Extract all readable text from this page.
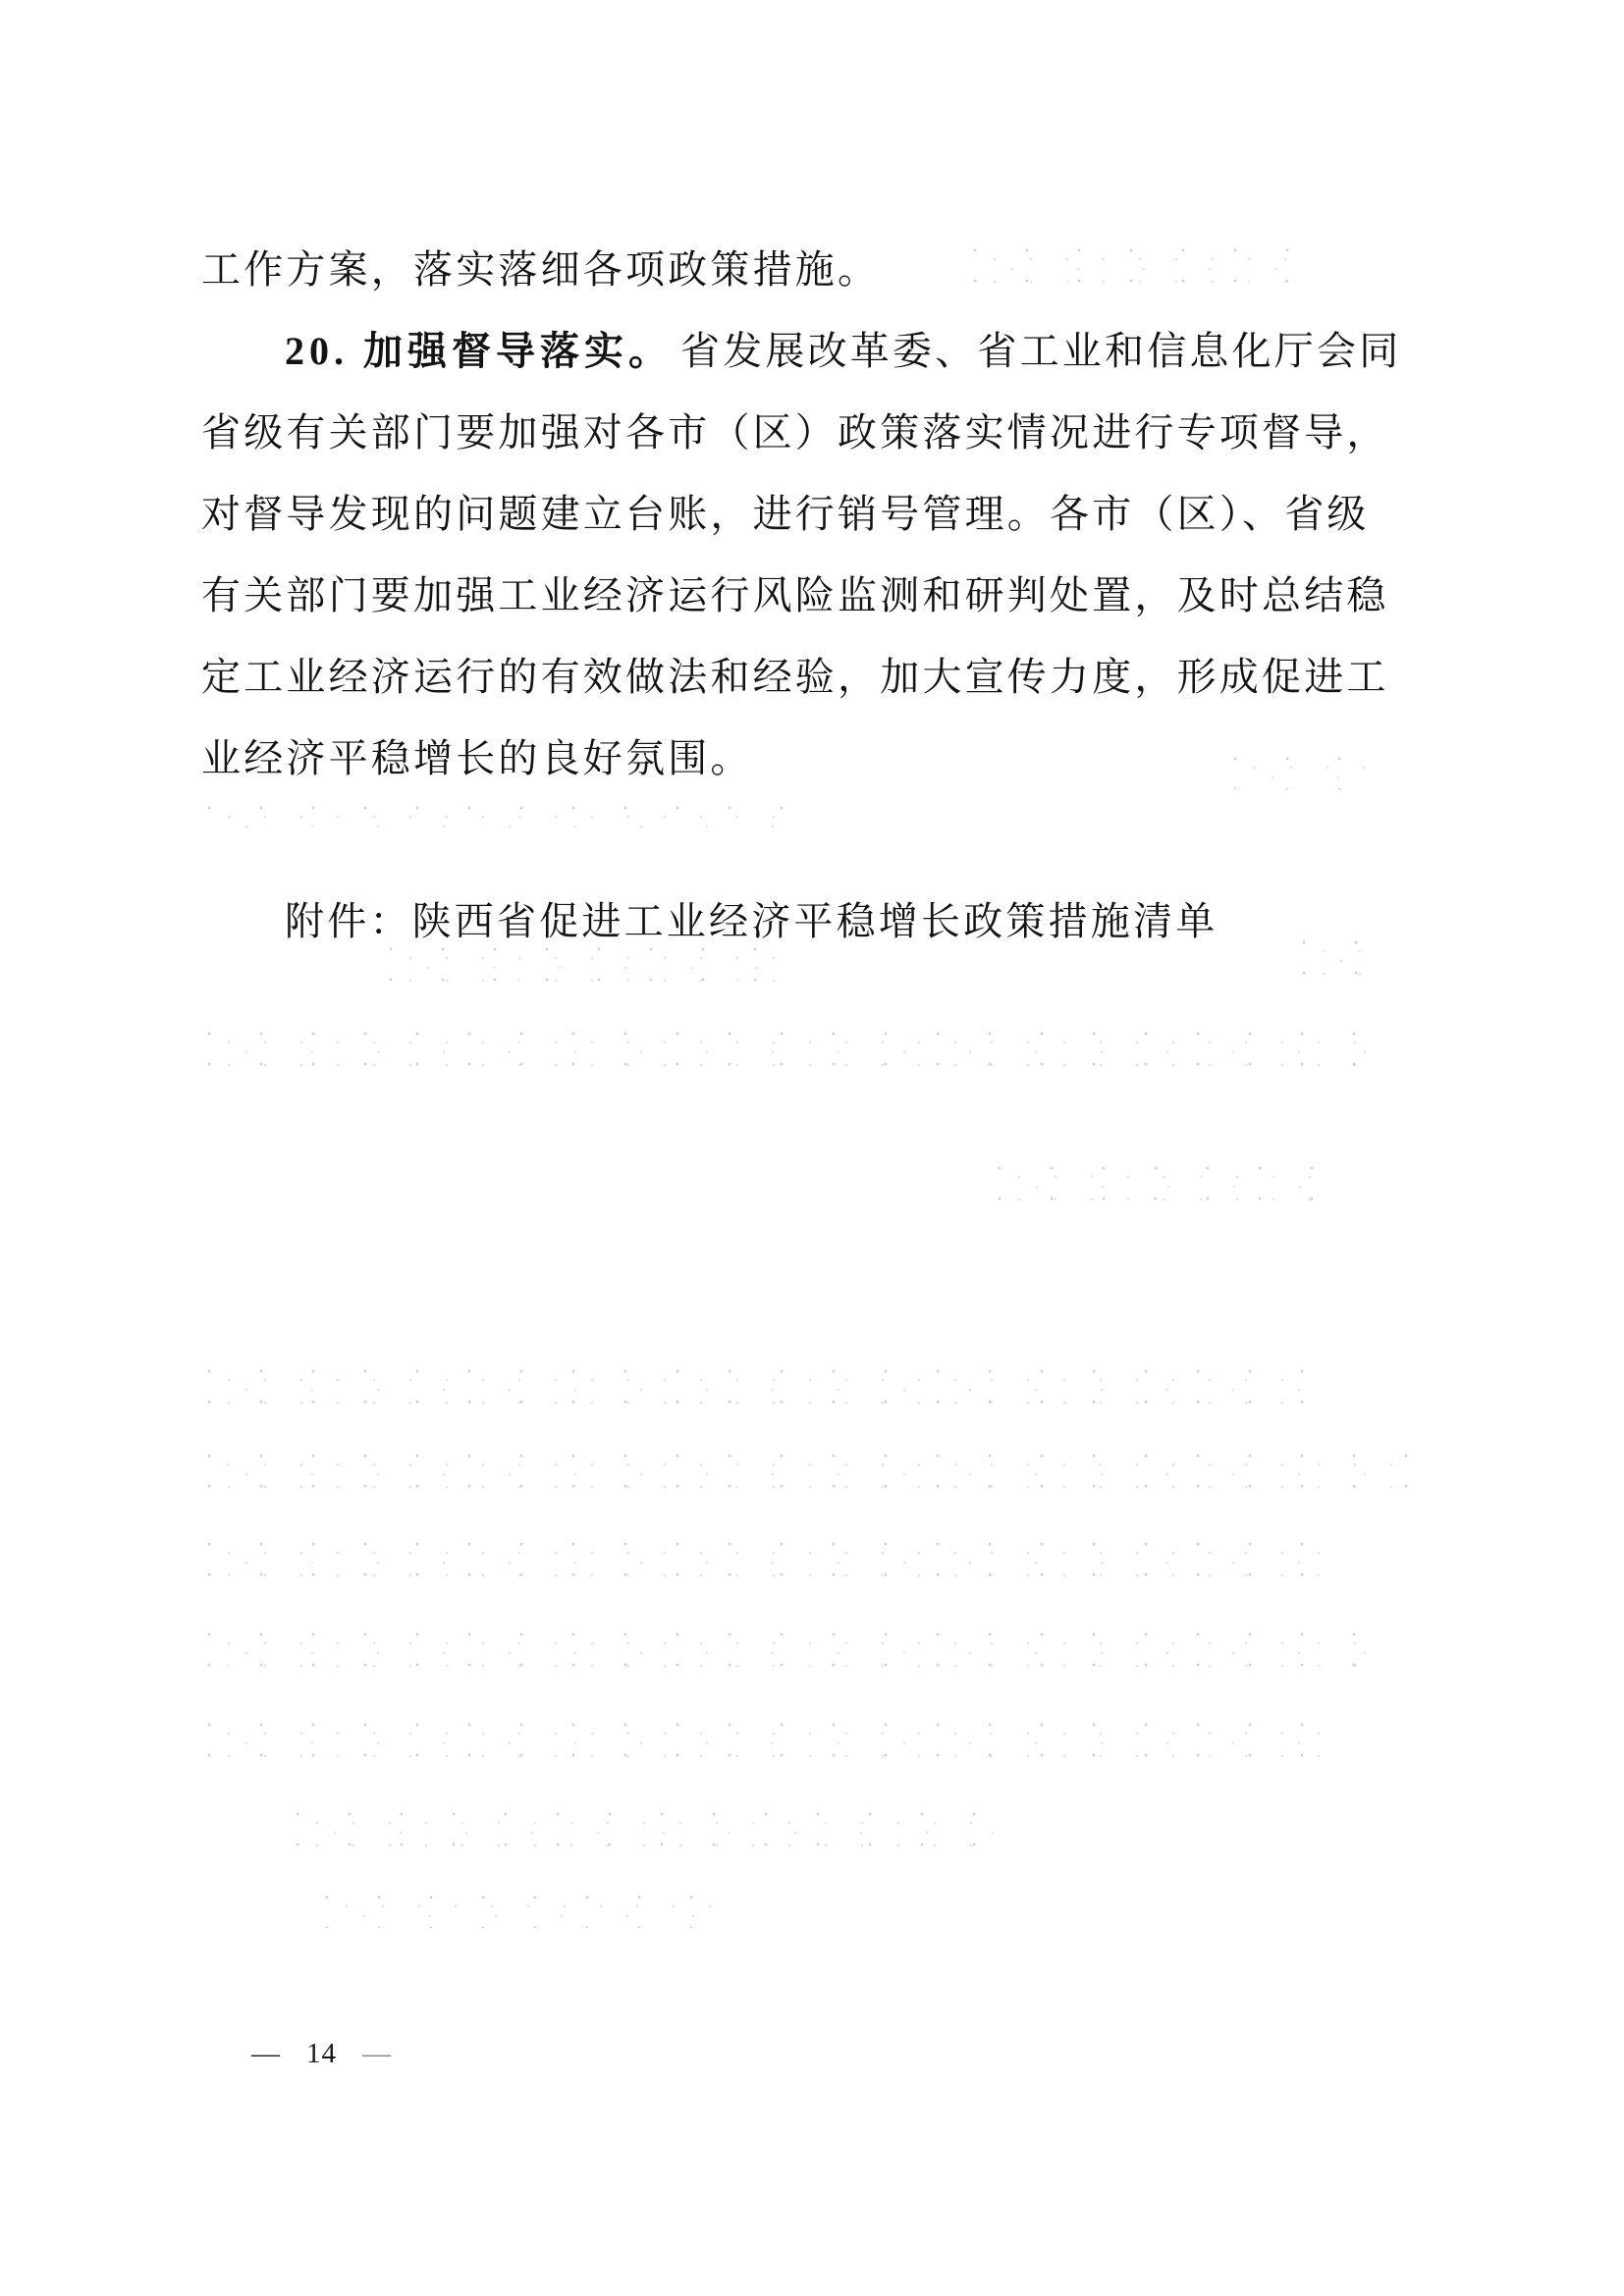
工作方案，落实落细各项政策措施。

20. 加强督导落实。 省发展改革委、省工业和信息化厅会同

省级有关部门要加强对各市（区）政策落实情况进行专项督导，

对督导发现的问题建立台账，进行销号管理。各市（区）、省级

有关部门要加强工业经济运行风险监测和研判处置，及时总结稳

定工业经济运行的有效做法和经验，加大宣传力度，形成促进工

业经济平稳增长的良好氛围。

附件：陕西省促进工业经济平稳增长政策措施清单

— 14 —
